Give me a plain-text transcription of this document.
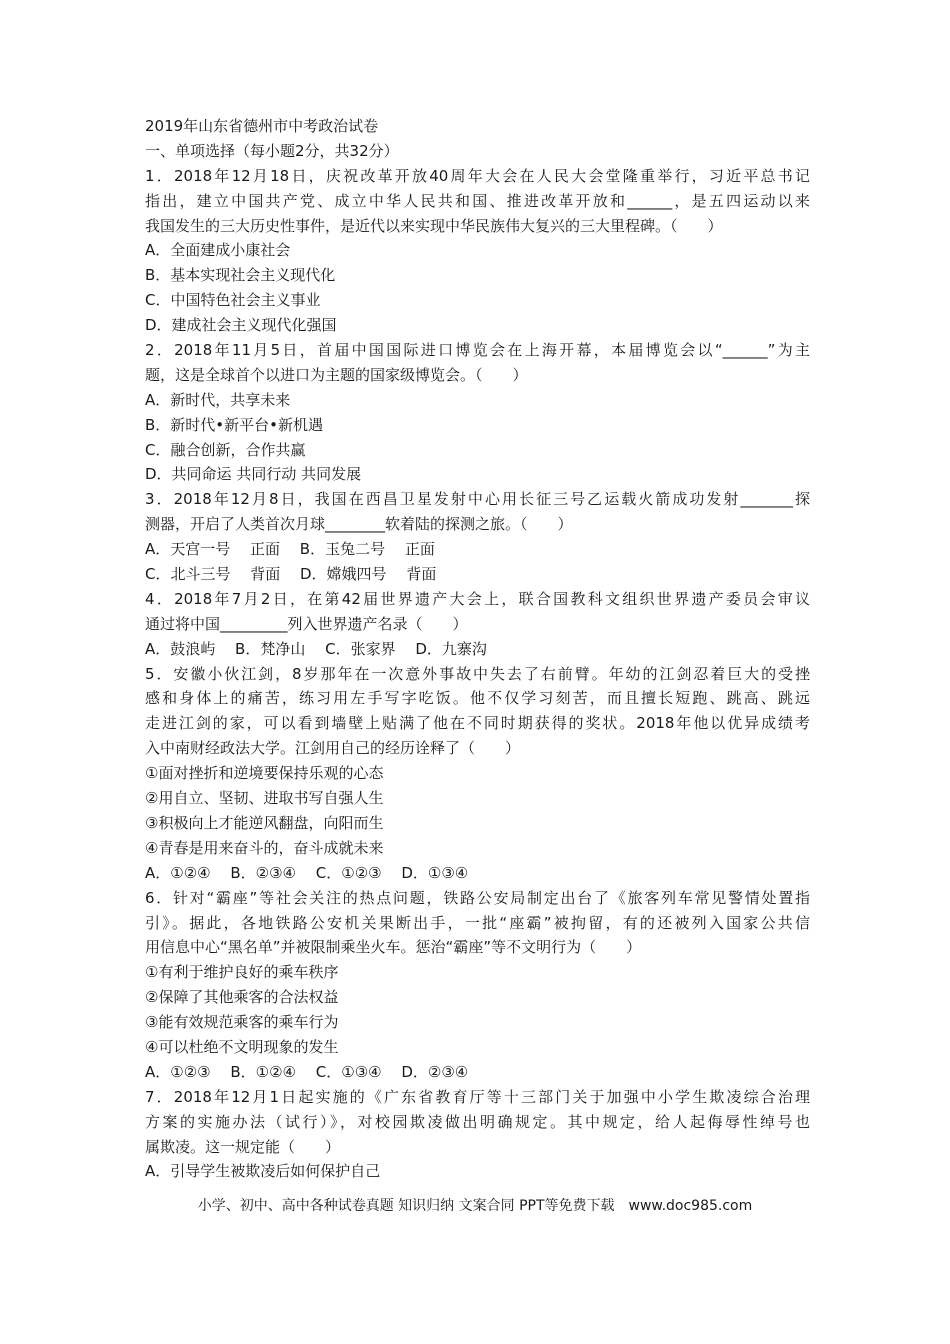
2019年山东省德州市中考政治试卷
一、单项选择（每小题2分，共32分）
1．2018年12月18日，庆祝改革开放40周年大会在人民大会堂隆重举行，习近平总书记
指出，建立中国共产党、成立中华人民共和国、推进改革开放和______，是五四运动以来
我国发生的三大历史性事件，是近代以来实现中华民族伟大复兴的三大里程碑。（　　）
A．全面建成小康社会
B．基本实现社会主义现代化
C．中国特色社会主义事业
D．建成社会主义现代化强国
2．2018年11月5日，首届中国国际进口博览会在上海开幕，本届博览会以“______”为主
题，这是全球首个以进口为主题的国家级博览会。（　　）
A．新时代，共享未来
B．新时代•新平台•新机遇
C．融合创新，合作共赢
D．共同命运 共同行动 共同发展
3．2018年12月8日，我国在西昌卫星发射中心用长征三号乙运载火箭成功发射_______探
测器，开启了人类首次月球________软着陆的探测之旅。（　　）
A．天宫一号　 正面　 B．玉兔二号　 正面
C．北斗三号　 背面　 D．嫦娥四号　 背面
4．2018年7月2日，在第42届世界遗产大会上，联合国教科文组织世界遗产委员会审议
通过将中国_________列入世界遗产名录（　　）
A．鼓浪屿　 B．梵净山　 C．张家界　 D．九寨沟
5．安徽小伙江剑，8岁那年在一次意外事故中失去了右前臂。年幼的江剑忍着巨大的受挫
感和身体上的痛苦，练习用左手写字吃饭。他不仅学习刻苦，而且擅长短跑、跳高、跳远
走进江剑的家，可以看到墙壁上贴满了他在不同时期获得的奖状。2018年他以优异成绩考
入中南财经政法大学。江剑用自己的经历诠释了（　　）
①面对挫折和逆境要保持乐观的心态
②用自立、坚韧、进取书写自强人生
③积极向上才能逆风翻盘，向阳而生
④青春是用来奋斗的，奋斗成就未来
A．①②④　 B．②③④　 C．①②③　 D．①③④
6．针对“霸座”等社会关注的热点问题，铁路公安局制定出台了《旅客列车常见警情处置指
引》。据此，各地铁路公安机关果断出手，一批“座霸”被拘留，有的还被列入国家公共信
用信息中心“黑名单”并被限制乘坐火车。惩治“霸座”等不文明行为（　　）
①有利于维护良好的乘车秩序
②保障了其他乘客的合法权益
③能有效规范乘客的乘车行为
④可以杜绝不文明现象的发生
A．①②③　 B．①②④　 C．①③④　 D．②③④
7．2018年12月1日起实施的《广东省教育厅等十三部门关于加强中小学生欺凌综合治理
方案的实施办法（试行）》，对校园欺凌做出明确规定。其中规定，给人起侮辱性绰号也
属欺凌。这一规定能（　　）
A．引导学生被欺凌后如何保护自己
小学、初中、高中各种试卷真题 知识归纳 文案合同 PPT等免费下载　www.doc985.com
